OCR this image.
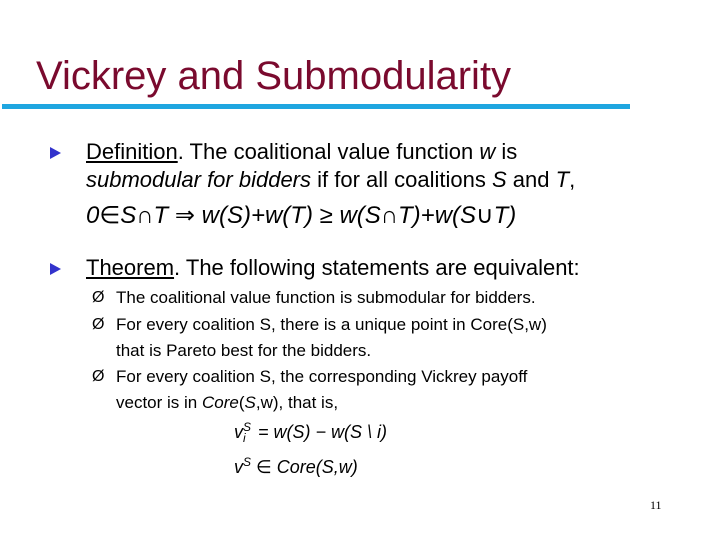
Vickrey and Submodularity
Definition. The coalitional value function w is
submodular for bidders if for all coalitions S and T,
0∈S∩T ⇒ w(S)+w(T) ≥ w(S∩T)+w(S∪T)
Theorem. The following statements are equivalent:
Ø The coalitional value function is submodular for bidders.
Ø For every coalition S, there is a unique point in Core(S,w)
that is Pareto best for the bidders.
Ø For every coalition S, the corresponding Vickrey payoff
vector is in Core(S,w), that is,
v S
i = w(S) − w(S \ i)
$v^S$ ∈ Core(S,w)
11
